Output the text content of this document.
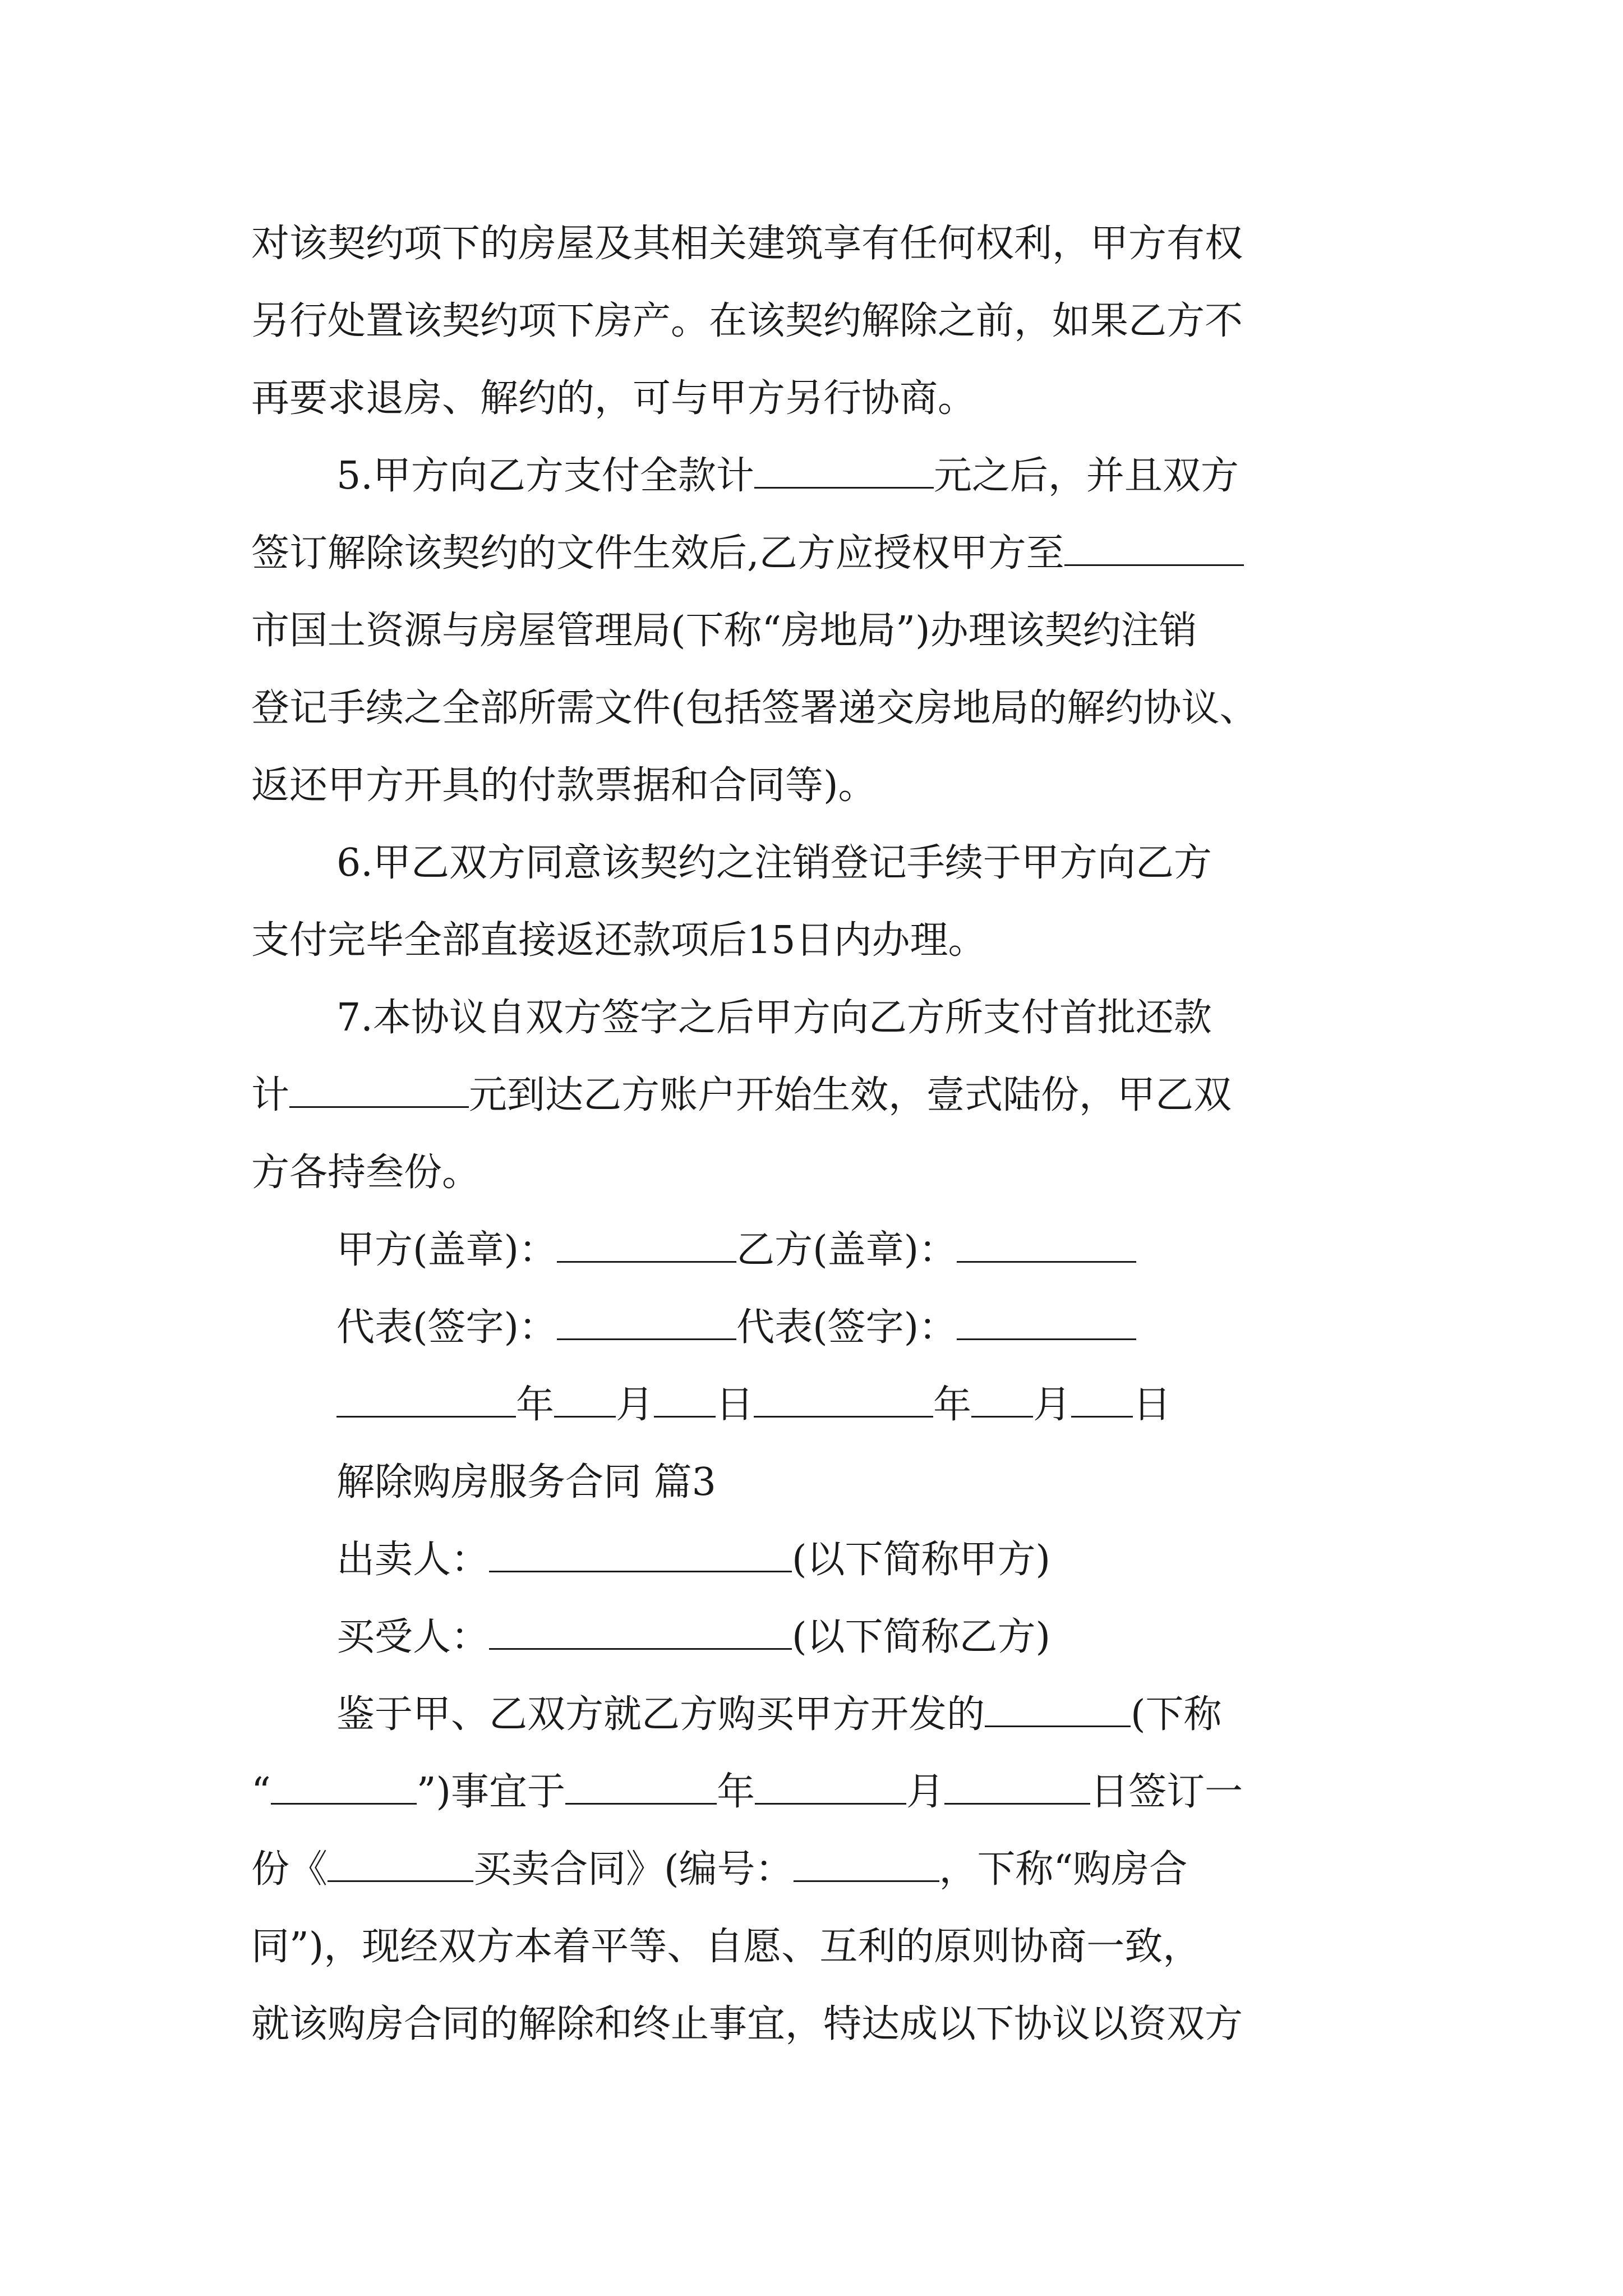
对该契约项下的房屋及其相关建筑享有任何权利，甲方有权
另行处置该契约项下房产。在该契约解除之前，如果乙方不
再要求退房、解约的，可与甲方另行协商。
5.甲方向乙方支付全款计	元之后，并且双方
签订解除该契约的文件生效后,乙方应授权甲方至
市国土资源与房屋管理局(下称“房地局”)办理该契约注销
登记手续之全部所需文件(包括签署递交房地局的解约协议、
返还甲方开具的付款票据和合同等)。
6.甲乙双方同意该契约之注销登记手续于甲方向乙方
支付完毕全部直接返还款项后15日内办理。
7.本协议自双方签字之后甲方向乙方所支付首批还款
计	元到达乙方账户开始生效，壹式陆份，甲乙双
方各持叁份。
甲方(盖章)：	乙方(盖章)：
代表(签字)：	代表(签字)：
年 月 日	年 月 日
解除购房服务合同 篇3
出卖人：	(以下简称甲方)
买受人：	(以下简称乙方)
鉴于甲、乙双方就乙方购买甲方开发的	(下称
“	”)事宜于	年	月	日签订一
份《	买卖合同》(编号：	，下称“购房合
同”)，现经双方本着平等、自愿、互利的原则协商一致，
就该购房合同的解除和终止事宜，特达成以下协议以资双方
